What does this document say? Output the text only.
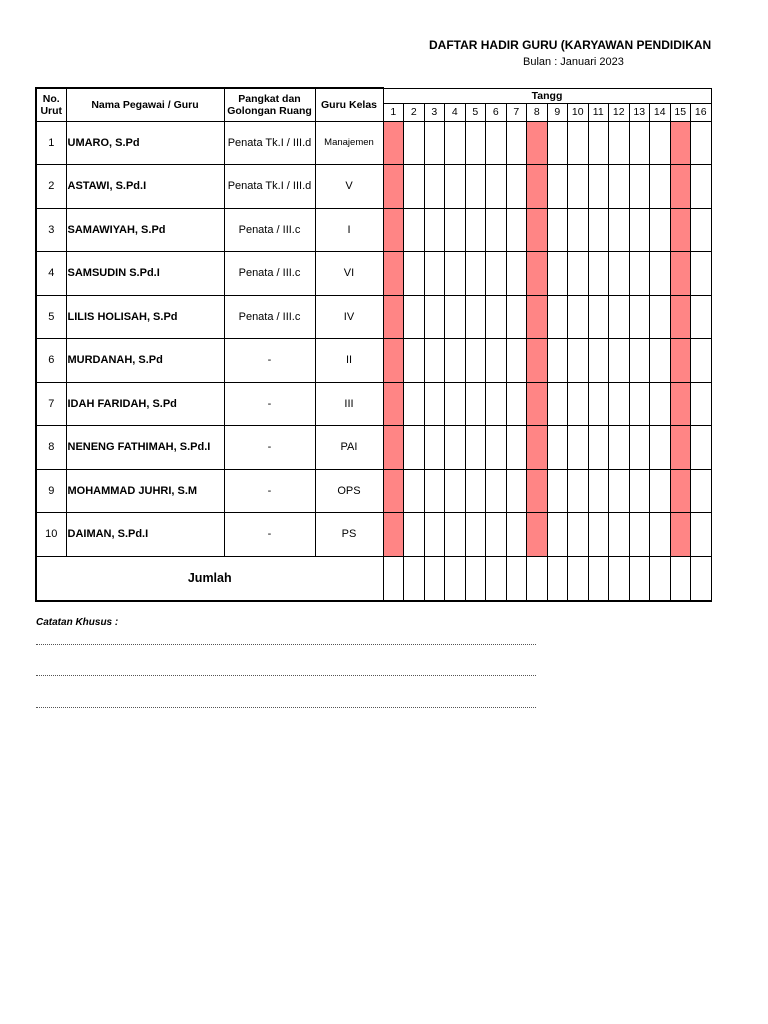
DAFTAR HADIR GURU (KARYAWAN PENDIDIKAN
Bulan : Januari 2023
No. Urut	Nama Pegawai / Guru	Pangkat dan Golongan Ruang	Guru Kelas	Tangg															
				1	2	3	4	5	6	7	8	9	10	11	12	13	14	15	16
1	UMARO, S.Pd	Penata Tk.I / III.d	Manajemen																
2	ASTAWI, S.Pd.I	Penata Tk.I / III.d	V																
3	SAMAWIYAH, S.Pd	Penata / III.c	I																
4	SAMSUDIN S.Pd.I	Penata / III.c	VI																
5	LILIS HOLISAH, S.Pd	Penata / III.c	IV																
6	MURDANAH, S.Pd	-	II																
7	IDAH FARIDAH, S.Pd	-	III																
8	NENENG FATHIMAH, S.Pd.I	-	PAI																
9	MOHAMMAD JUHRI, S.M	-	OPS																
10	DAIMAN, S.Pd.I	-	PS																
Jumlah																			
Catatan Khusus :
